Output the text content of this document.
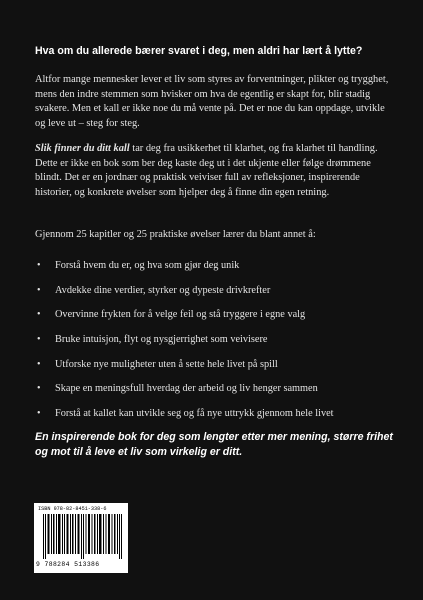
Hva om du allerede bærer svaret i deg, men aldri har lært å lytte?
Altfor mange mennesker lever et liv som styres av forventninger, plikter og trygghet, mens den indre stemmen som hvisker om hva de egentlig er skapt for, blir stadig svakere. Men et kall er ikke noe du må vente på. Det er noe du kan oppdage, utvikle og leve ut – steg for steg.
Slik finner du ditt kall tar deg fra usikkerhet til klarhet, og fra klarhet til handling. Dette er ikke en bok som ber deg kaste deg ut i det ukjente eller følge drømmene blindt. Det er en jordnær og praktisk veiviser full av refleksjoner, inspirerende historier, og konkrete øvelser som hjelper deg å finne din egen retning.
Gjennom 25 kapitler og 25 praktiske øvelser lærer du blant annet å:
• Forstå hvem du er, og hva som gjør deg unik
• Avdekke dine verdier, styrker og dypeste drivkrefter
• Overvinne frykten for å velge feil og stå tryggere i egne valg
• Bruke intuisjon, flyt og nysgjerrighet som veivisere
• Utforske nye muligheter uten å sette hele livet på spill
• Skape en meningsfull hverdag der arbeid og liv henger sammen
• Forstå at kallet kan utvikle seg og få nye uttrykk gjennom hele livet
En inspirerende bok for deg som lengter etter mer mening, større frihet og mot til å leve et liv som virkelig er ditt.
ISBN 978-82-8451-338-6
9 788284 513386
